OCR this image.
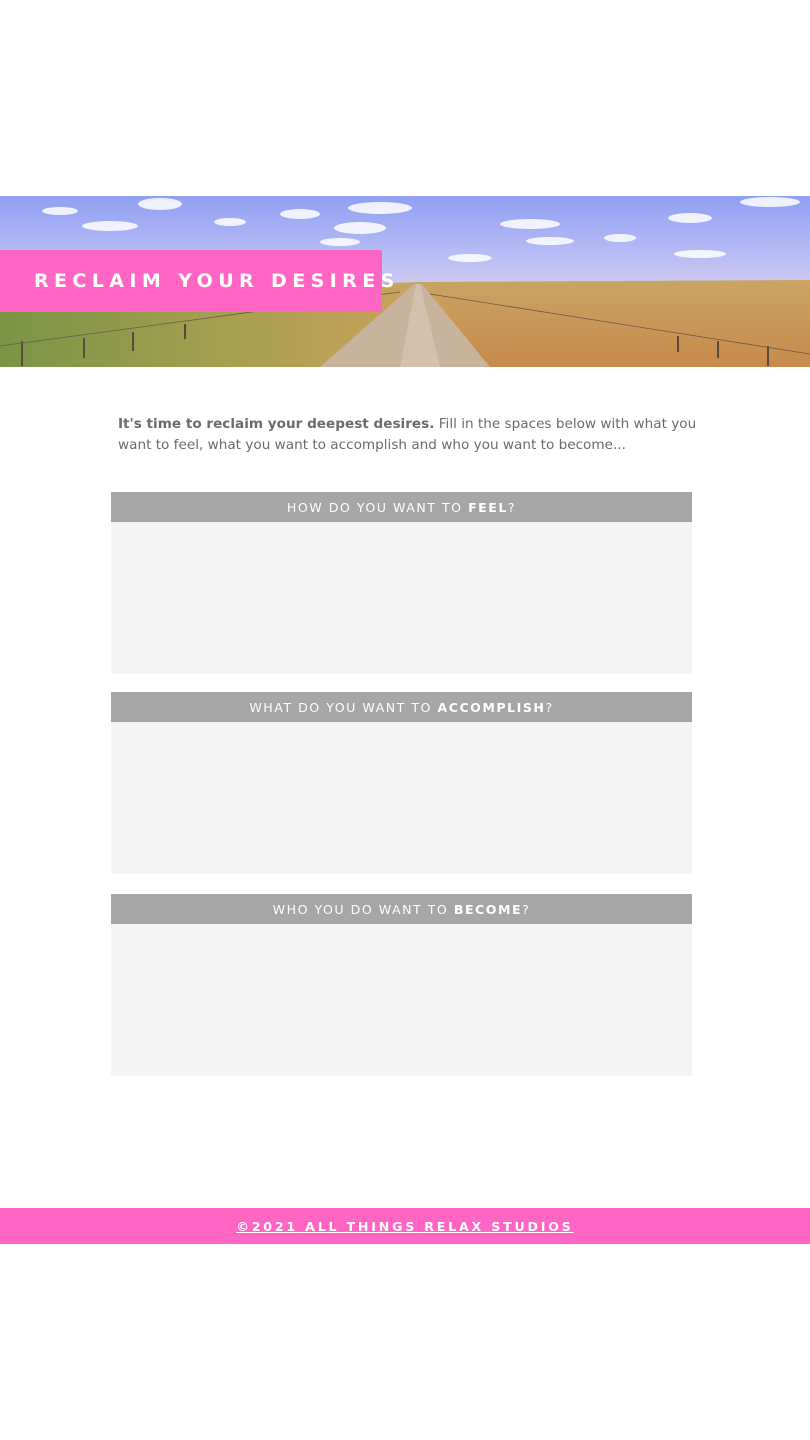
RECLAIM YOUR DESIRES

It's time to reclaim your deepest desires. Fill in the spaces below with what you want to feel, what you want to accomplish and who you want to become...

HOW DO YOU WANT TO FEEL ?
WHAT DO YOU WANT TO ACCOMPLISH ?
WHO YOU DO WANT TO BECOME ?
©2021 ALL THINGS RELAX STUDIOS
